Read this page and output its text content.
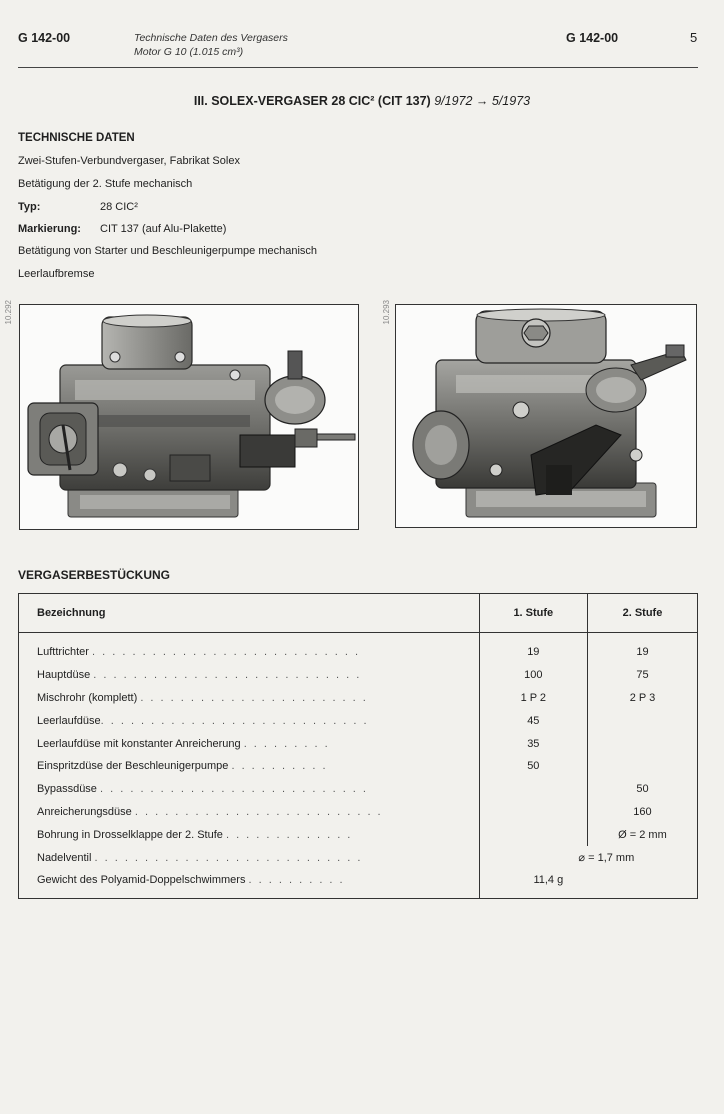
G 142-00	Technische Daten des Vergasers
Motor G 10 (1.015 cm³)
G 142-00	5
III. SOLEX-VERGASER 28 CIC² (CIT 137) 9/1972 → 5/1973
TECHNISCHE DATEN
Zwei-Stufen-Verbundvergaser, Fabrikat Solex
Betätigung der 2. Stufe mechanisch
Typ:	28 CIC²
Markierung: CIT 137 (auf Alu-Plakette)
Betätigung von Starter und Beschleunigerpumpe mechanisch
Leerlaufbremse
10.292	10.293
VERGASERBESTÜCKUNG
Bezeichnung	1. Stufe	2. Stufe
Lufttrichter . . . . . . . . . . . . . . . . . . . . . . . . . . .	19	19
Hauptdüse . . . . . . . . . . . . . . . . . . . . . . . . . . .	100	75
Mischrohr (komplett) . . . . . . . . . . . . . . . . . . . . . . .	1 P 2	2 P 3
Leerlaufdüse. . . . . . . . . . . . . . . . . . . . . . . . . . .	45	
Leerlaufdüse mit konstanter Anreicherung . . . . . . . . .	35	
Einspritzdüse der Beschleunigerpumpe . . . . . . . . . .	50	
Bypassdüse . . . . . . . . . . . . . . . . . . . . . . . . . . .		50
Anreicherungsdüse . . . . . . . . . . . . . . . . . . . . . . . . .		160
Bohrung in Drosselklappe der 2. Stufe . . . . . . . . . . . . .		Ø = 2 mm
Nadelventil . . . . . . . . . . . . . . . . . . . . . . . . . . .	⌀ = 1,7 mm	
Gewicht des Polyamid-Doppelschwimmers . . . . . . . . . .	11,4 g	
